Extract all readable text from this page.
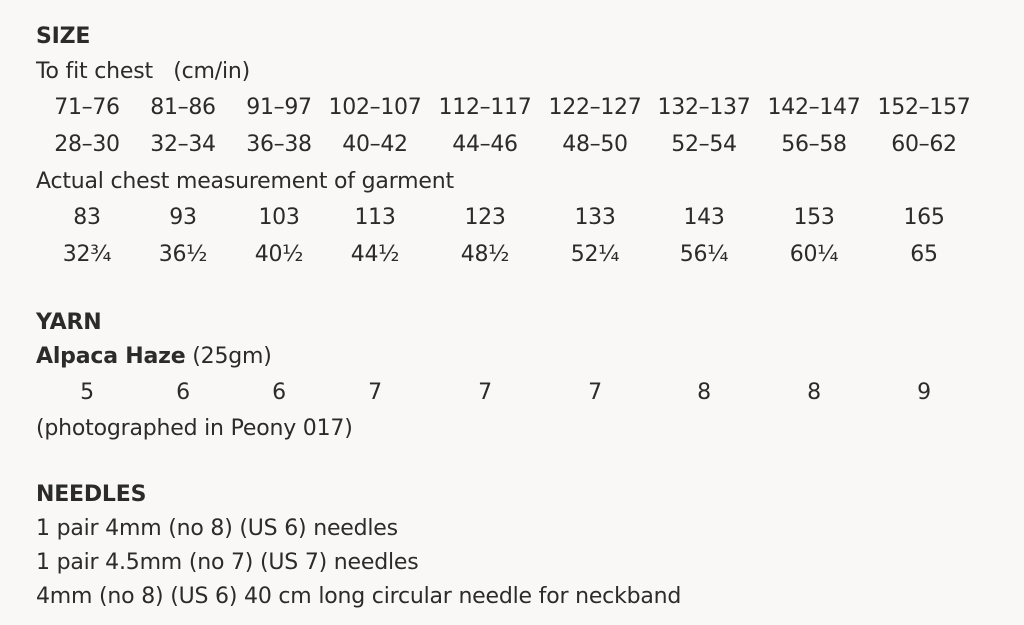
SIZE
To fit chest   (cm/in)
71–76	81–86	91–97 102–107 112–117 122–127 132–137 142–147 152–157
28–30	32–34	36–38	40–42	44–46	48–50	52–54	56–58	60–62
Actual chest measurement of garment
83	93	103	113	123	133	143	153	165
32¾	36½	40½	44½	48½	52¼	56¼	60¼	65
YARN
Alpaca Haze (25gm)
5	6	6	7	7	7	8	8	9
(photographed in Peony 017)
NEEDLES
1 pair 4mm (no 8) (US 6) needles
1 pair 4.5mm (no 7) (US 7) needles
4mm (no 8) (US 6) 40 cm long circular needle for neckband
